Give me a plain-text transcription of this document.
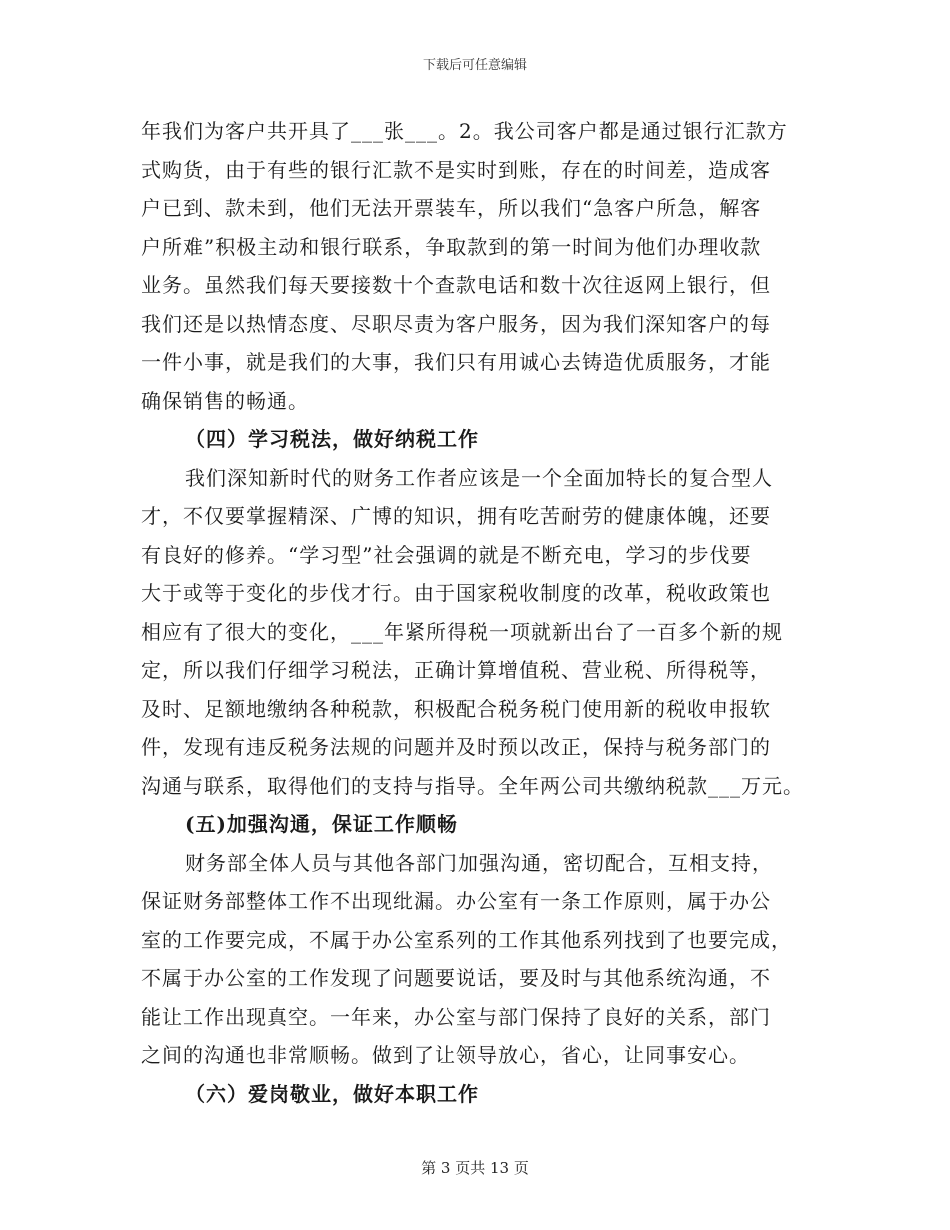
下载后可任意编辑
年我们为客户共开具了___张___。2。我公司客户都是通过银行汇款方
式购货，由于有些的银行汇款不是实时到账，存在的时间差，造成客
户已到、款未到，他们无法开票装车，所以我们“急客户所急，解客
户所难”积极主动和银行联系，争取款到的第一时间为他们办理收款
业务。虽然我们每天要接数十个查款电话和数十次往返网上银行，但
我们还是以热情态度、尽职尽责为客户服务，因为我们深知客户的每
一件小事，就是我们的大事，我们只有用诚心去铸造优质服务，才能
确保销售的畅通。
（四）学习税法，做好纳税工作
我们深知新时代的财务工作者应该是一个全面加特长的复合型人
才，不仅要掌握精深、广博的知识，拥有吃苦耐劳的健康体魄，还要
有良好的修养。“学习型”社会强调的就是不断充电，学习的步伐要
大于或等于变化的步伐才行。由于国家税收制度的改革，税收政策也
相应有了很大的变化，___年紧所得税一项就新出台了一百多个新的规
定，所以我们仔细学习税法，正确计算增值税、营业税、所得税等，
及时、足额地缴纳各种税款，积极配合税务税门使用新的税收申报软
件，发现有违反税务法规的问题并及时预以改正，保持与税务部门的
沟通与联系，取得他们的支持与指导。全年两公司共缴纳税款___万元。
(五)加强沟通，保证工作顺畅
财务部全体人员与其他各部门加强沟通，密切配合，互相支持，
保证财务部整体工作不出现纰漏。办公室有一条工作原则，属于办公
室的工作要完成，不属于办公室系列的工作其他系列找到了也要完成，
不属于办公室的工作发现了问题要说话，要及时与其他系统沟通，不
能让工作出现真空。一年来，办公室与部门保持了良好的关系，部门
之间的沟通也非常顺畅。做到了让领导放心，省心，让同事安心。
（六）爱岗敬业，做好本职工作
第 3 页共 13 页
